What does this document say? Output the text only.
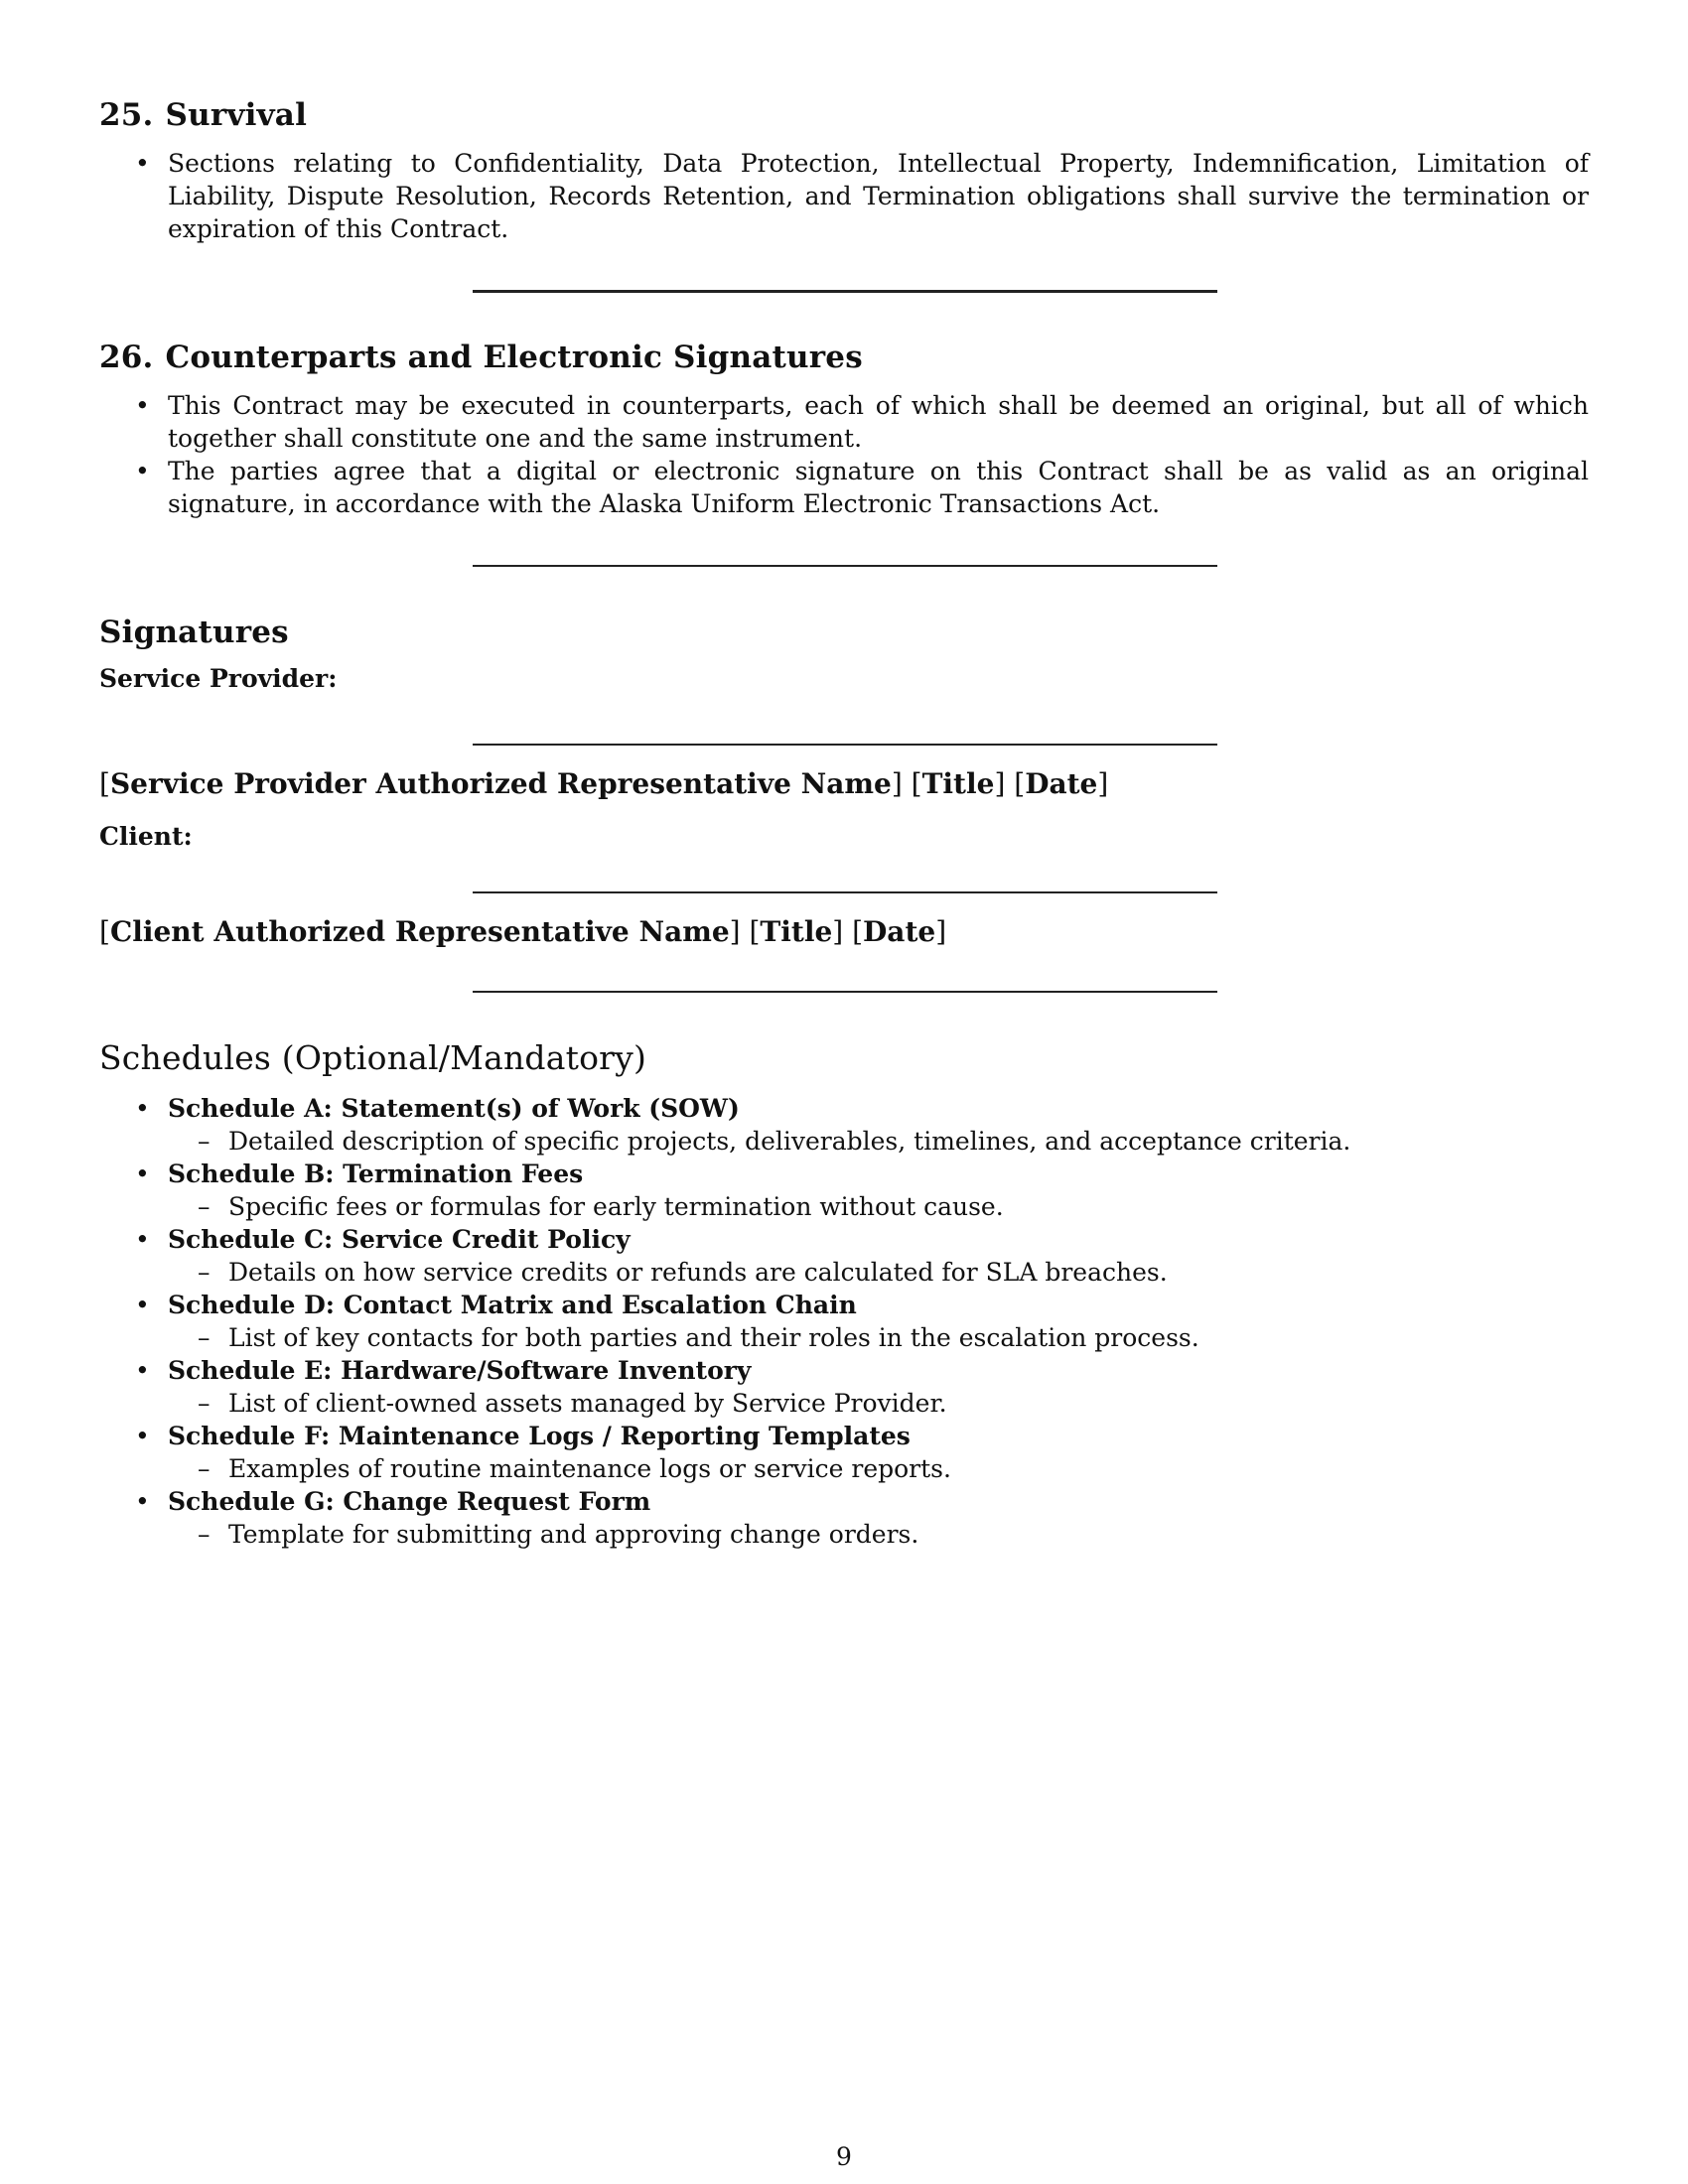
25. Survival
• Sections relating to Confidentiality, Data Protection, Intellectual Property, Indemnification, Limitation of Liability, Dispute Resolution, Records Retention, and Termination obligations shall survive the termination or expiration of this Contract.
26. Counterparts and Electronic Signatures
• This Contract may be executed in counterparts, each of which shall be deemed an original, but all of which together shall constitute one and the same instrument.
• The parties agree that a digital or electronic signature on this Contract shall be as valid as an original signature, in accordance with the Alaska Uniform Electronic Transactions Act.
Signatures
Service Provider:
[Service Provider Authorized Representative Name] [Title] [Date]
Client:
[Client Authorized Representative Name] [Title] [Date]
Schedules (Optional/Mandatory)
• Schedule A: Statement(s) of Work (SOW)
– Detailed description of specific projects, deliverables, timelines, and acceptance criteria.
• Schedule B: Termination Fees
– Specific fees or formulas for early termination without cause.
• Schedule C: Service Credit Policy
– Details on how service credits or refunds are calculated for SLA breaches.
• Schedule D: Contact Matrix and Escalation Chain
– List of key contacts for both parties and their roles in the escalation process.
• Schedule E: Hardware/Software Inventory
– List of client-owned assets managed by Service Provider.
• Schedule F: Maintenance Logs / Reporting Templates
– Examples of routine maintenance logs or service reports.
• Schedule G: Change Request Form
– Template for submitting and approving change orders.
9
